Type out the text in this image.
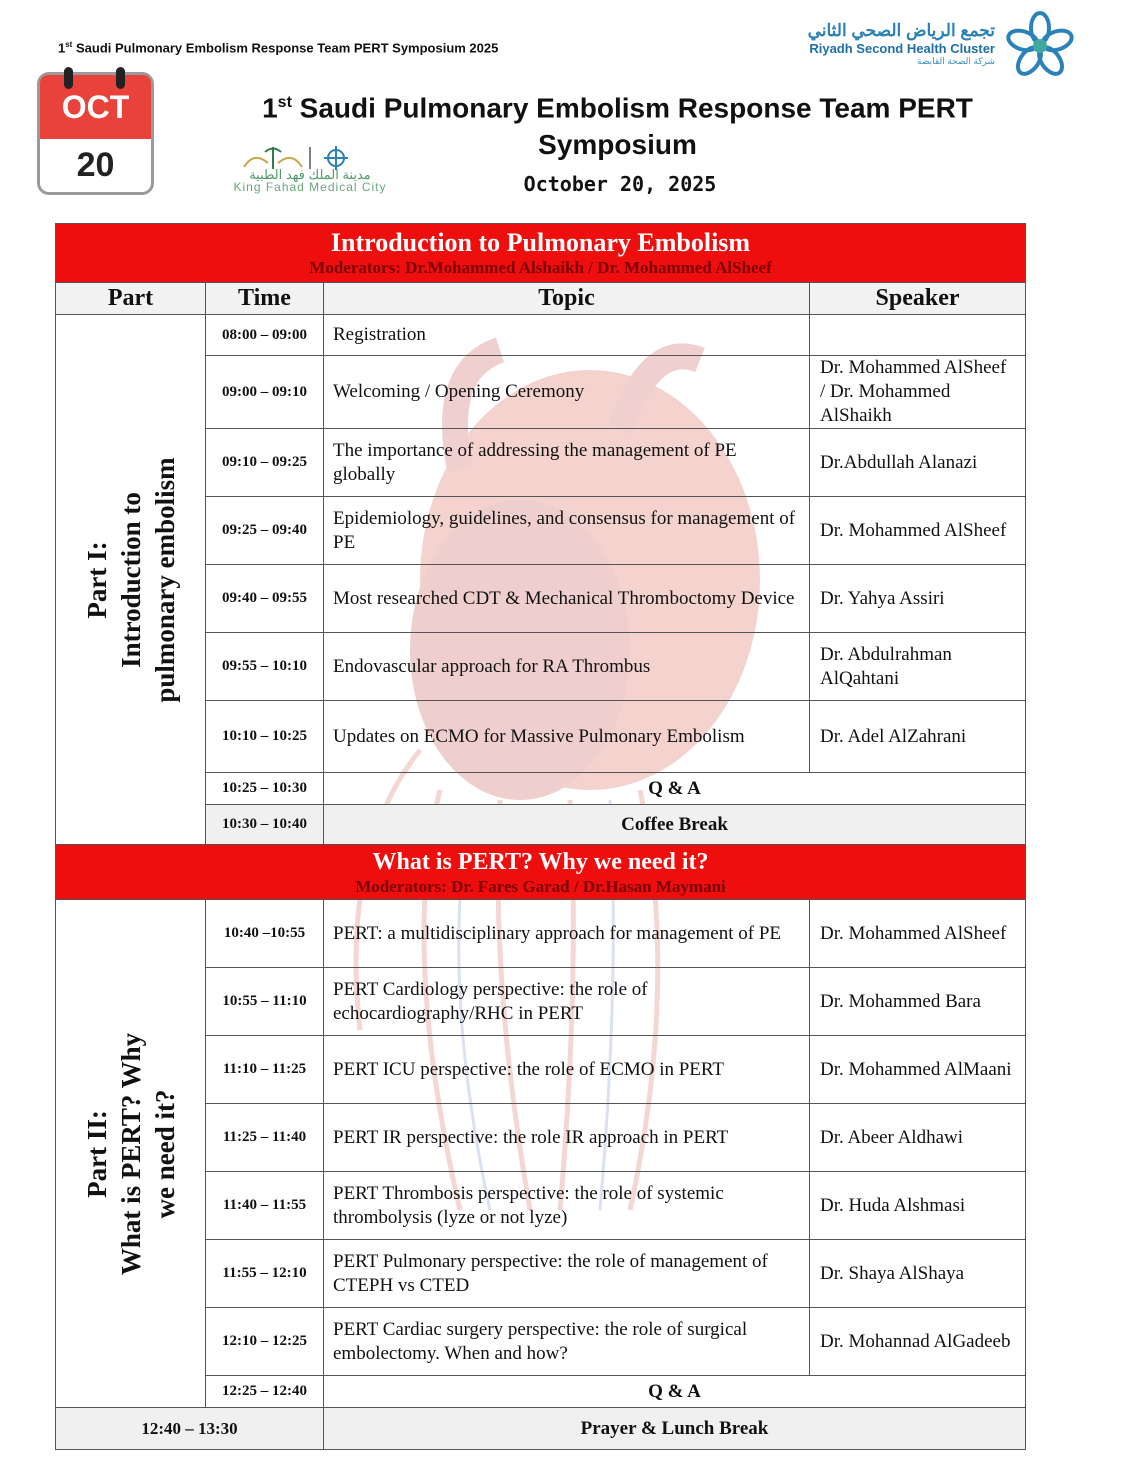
1st Saudi Pulmonary Embolism Response Team PERT Symposium 2025
تجمع الرياض الصحي الثاني
Riyadh Second Health Cluster
شركة الصحة القابضة
OCT
20	مدينة الملك فهد الطبية
King Fahad Medical City
1st Saudi Pulmonary Embolism Response Team PERT
Symposium
October 20, 2025
Introduction to Pulmonary Embolism
Moderators: Dr.Mohammed Alshaikh / Dr. Mohammed AlSheef			

Part	Time	Topic	Speaker

Part I: Introduction to pulmonary embolism	08:00 – 09:00	Registration	
	09:00 – 09:10	Welcoming / Opening Ceremony	Dr. Mohammed AlSheef / Dr. Mohammed AlShaikh
	09:10 – 09:25	The importance of addressing the management of PE globally	Dr.Abdullah Alanazi
	09:25 – 09:40	Epidemiology, guidelines, and consensus for management of PE	Dr. Mohammed AlSheef
	09:40 – 09:55	Most researched CDT & Mechanical Thromboctomy Device	Dr. Yahya Assiri
	09:55 – 10:10	Endovascular approach for RA Thrombus	Dr. Abdulrahman AlQahtani
	10:10 – 10:25	Updates on ECMO for Massive Pulmonary Embolism	Dr. Adel AlZahrani
	10:25 – 10:30	Q & A	
	10:30 – 10:40	Coffee Break	

What is PERT? Why we need it?
Moderators: Dr. Fares Garad / Dr.Hasan Maymani			

Part II: What is PERT? Why we need it?	10:40 –10:55	PERT: a multidisciplinary approach for management of PE	Dr. Mohammed AlSheef
	10:55 – 11:10	PERT Cardiology perspective: the role of echocardiography/RHC in PERT	Dr. Mohammed Bara
	11:10 – 11:25	PERT ICU perspective: the role of ECMO in PERT	Dr. Mohammed AlMaani
	11:25 – 11:40	PERT IR perspective: the role IR approach in PERT	Dr. Abeer Aldhawi
	11:40 – 11:55	PERT Thrombosis perspective: the role of systemic thrombolysis (lyze or not lyze)	Dr. Huda Alshmasi
	11:55 – 12:10	PERT Pulmonary perspective: the role of management of CTEPH vs CTED	Dr. Shaya AlShaya
	12:10 – 12:25	PERT Cardiac surgery perspective: the role of surgical embolectomy. When and how?	Dr. Mohannad AlGadeeb
	12:25 – 12:40	Q & A	
12:40 – 13:30		Prayer & Lunch Break	
